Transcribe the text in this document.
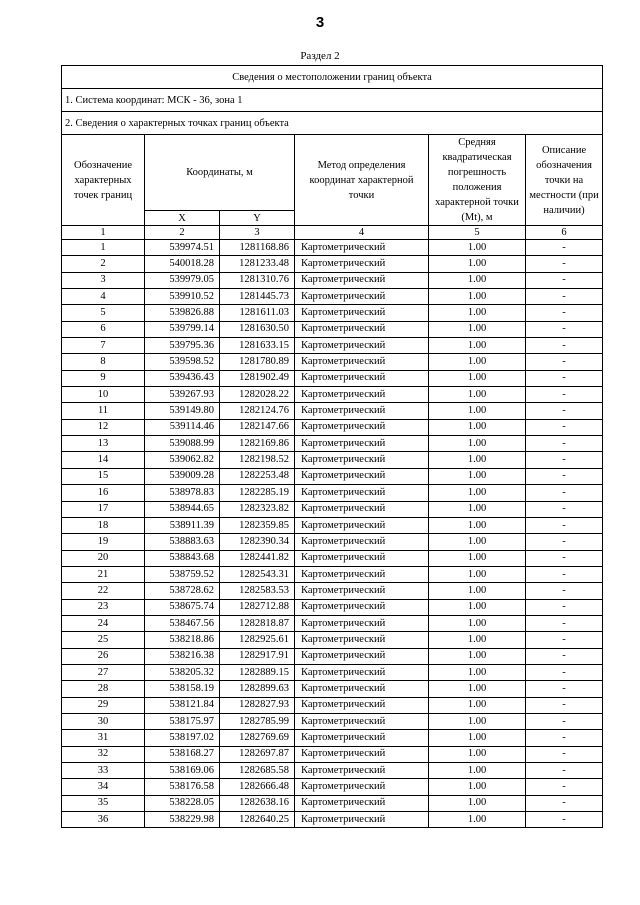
3
Раздел 2
Сведения о местоположении границ объекта					
1. Система координат: МСК - 36, зона 1					
2. Сведения о характерных точках границ объекта					
Обозначение характерных точек границ	Координаты, м		Метод определения координат характерной точки	Средняя квадратическая погрешность положения характерной точки (Mt), м	Описание обозначения точки на местности (при наличии)
	X	Y			
1	2	3	4	5	6
1	539974.51	1281168.86	Картометрический	1.00	-
2	540018.28	1281233.48	Картометрический	1.00	-
3	539979.05	1281310.76	Картометрический	1.00	-
4	539910.52	1281445.73	Картометрический	1.00	-
5	539826.88	1281611.03	Картометрический	1.00	-
6	539799.14	1281630.50	Картометрический	1.00	-
7	539795.36	1281633.15	Картометрический	1.00	-
8	539598.52	1281780.89	Картометрический	1.00	-
9	539436.43	1281902.49	Картометрический	1.00	-
10	539267.93	1282028.22	Картометрический	1.00	-
11	539149.80	1282124.76	Картометрический	1.00	-
12	539114.46	1282147.66	Картометрический	1.00	-
13	539088.99	1282169.86	Картометрический	1.00	-
14	539062.82	1282198.52	Картометрический	1.00	-
15	539009.28	1282253.48	Картометрический	1.00	-
16	538978.83	1282285.19	Картометрический	1.00	-
17	538944.65	1282323.82	Картометрический	1.00	-
18	538911.39	1282359.85	Картометрический	1.00	-
19	538883.63	1282390.34	Картометрический	1.00	-
20	538843.68	1282441.82	Картометрический	1.00	-
21	538759.52	1282543.31	Картометрический	1.00	-
22	538728.62	1282583.53	Картометрический	1.00	-
23	538675.74	1282712.88	Картометрический	1.00	-
24	538467.56	1282818.87	Картометрический	1.00	-
25	538218.86	1282925.61	Картометрический	1.00	-
26	538216.38	1282917.91	Картометрический	1.00	-
27	538205.32	1282889.15	Картометрический	1.00	-
28	538158.19	1282899.63	Картометрический	1.00	-
29	538121.84	1282827.93	Картометрический	1.00	-
30	538175.97	1282785.99	Картометрический	1.00	-
31	538197.02	1282769.69	Картометрический	1.00	-
32	538168.27	1282697.87	Картометрический	1.00	-
33	538169.06	1282685.58	Картометрический	1.00	-
34	538176.58	1282666.48	Картометрический	1.00	-
35	538228.05	1282638.16	Картометрический	1.00	-
36	538229.98	1282640.25	Картометрический	1.00	-
